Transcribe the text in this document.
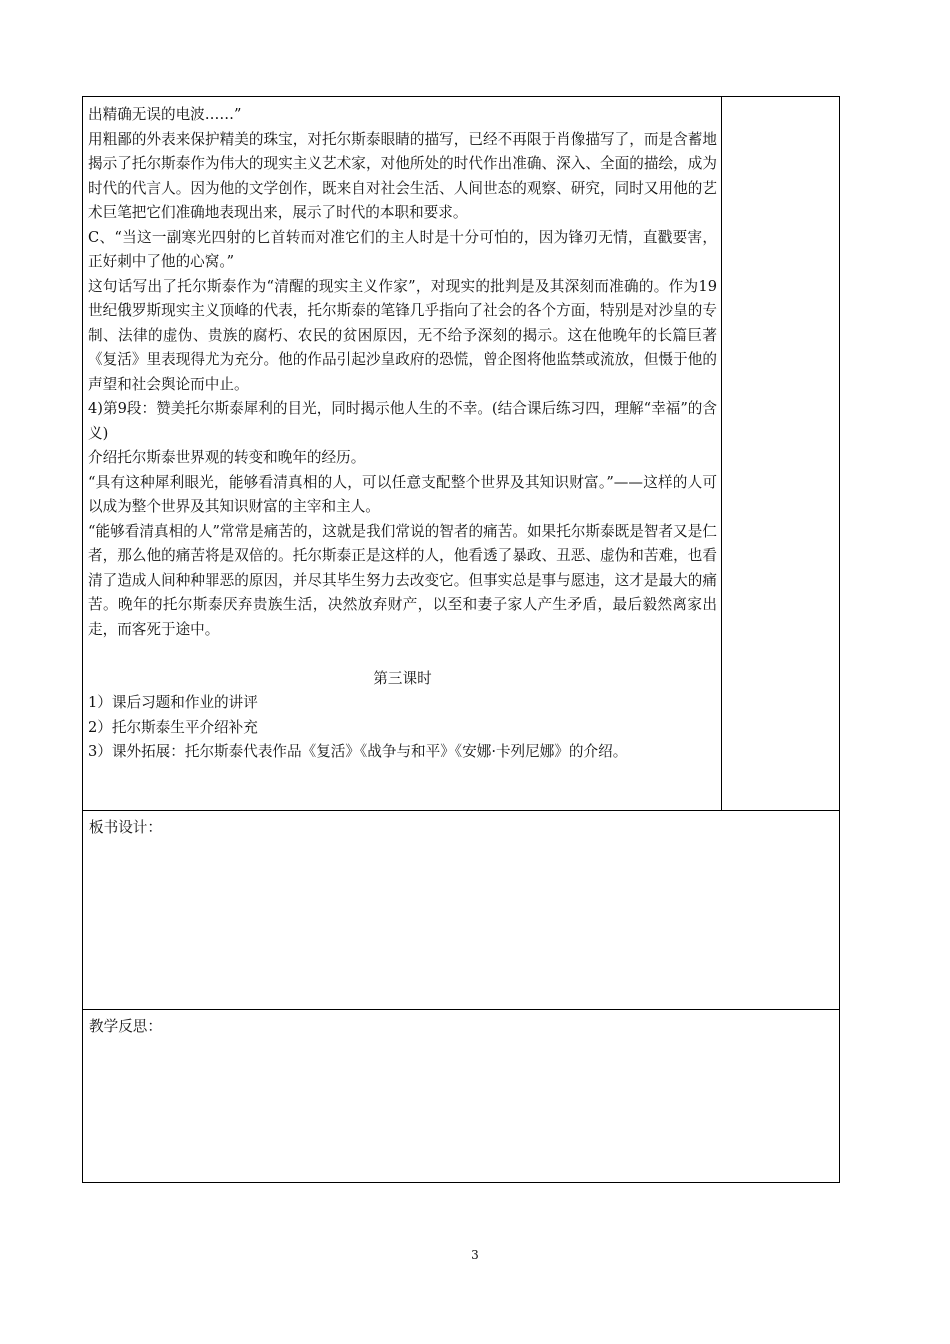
出精确无误的电波……”

用粗鄙的外表来保护精美的珠宝，对托尔斯泰眼睛的描写，已经不再限于肖像描写了，而是含蓄地揭示了托尔斯泰作为伟大的现实主义艺术家，对他所处的时代作出准确、深入、全面的描绘，成为时代的代言人。因为他的文学创作，既来自对社会生活、人间世态的观察、研究，同时又用他的艺术巨笔把它们准确地表现出来，展示了时代的本职和要求。

C、“当这一副寒光四射的匕首转而对准它们的主人时是十分可怕的，因为锋刃无情，直戳要害，正好刺中了他的心窝。”

这句话写出了托尔斯泰作为“清醒的现实主义作家”，对现实的批判是及其深刻而准确的。作为19世纪俄罗斯现实主义顶峰的代表，托尔斯泰的笔锋几乎指向了社会的各个方面，特别是对沙皇的专制、法律的虚伪、贵族的腐朽、农民的贫困原因，无不给予深刻的揭示。这在他晚年的长篇巨著《复活》里表现得尤为充分。他的作品引起沙皇政府的恐慌，曾企图将他监禁或流放，但慑于他的声望和社会舆论而中止。

4)第9段：赞美托尔斯泰犀利的目光，同时揭示他人生的不幸。(结合课后练习四，理解“幸福”的含义)

介绍托尔斯泰世界观的转变和晚年的经历。

“具有这种犀利眼光，能够看清真相的人，可以任意支配整个世界及其知识财富。”——这样的人可以成为整个世界及其知识财富的主宰和主人。

“能够看清真相的人”常常是痛苦的，这就是我们常说的智者的痛苦。如果托尔斯泰既是智者又是仁者，那么他的痛苦将是双倍的。托尔斯泰正是这样的人，他看透了暴政、丑恶、虚伪和苦难，也看清了造成人间种种罪恶的原因，并尽其毕生努力去改变它。但事实总是事与愿违，这才是最大的痛苦。晚年的托尔斯泰厌弃贵族生活，决然放弃财产，以至和妻子家人产生矛盾，最后毅然离家出走，而客死于途中。

第三课时

1）课后习题和作业的讲评

2）托尔斯泰生平介绍补充

3）课外拓展：托尔斯泰代表作品《复活》《战争与和平》《安娜·卡列尼娜》的介绍。

板书设计：

教学反思：
3
